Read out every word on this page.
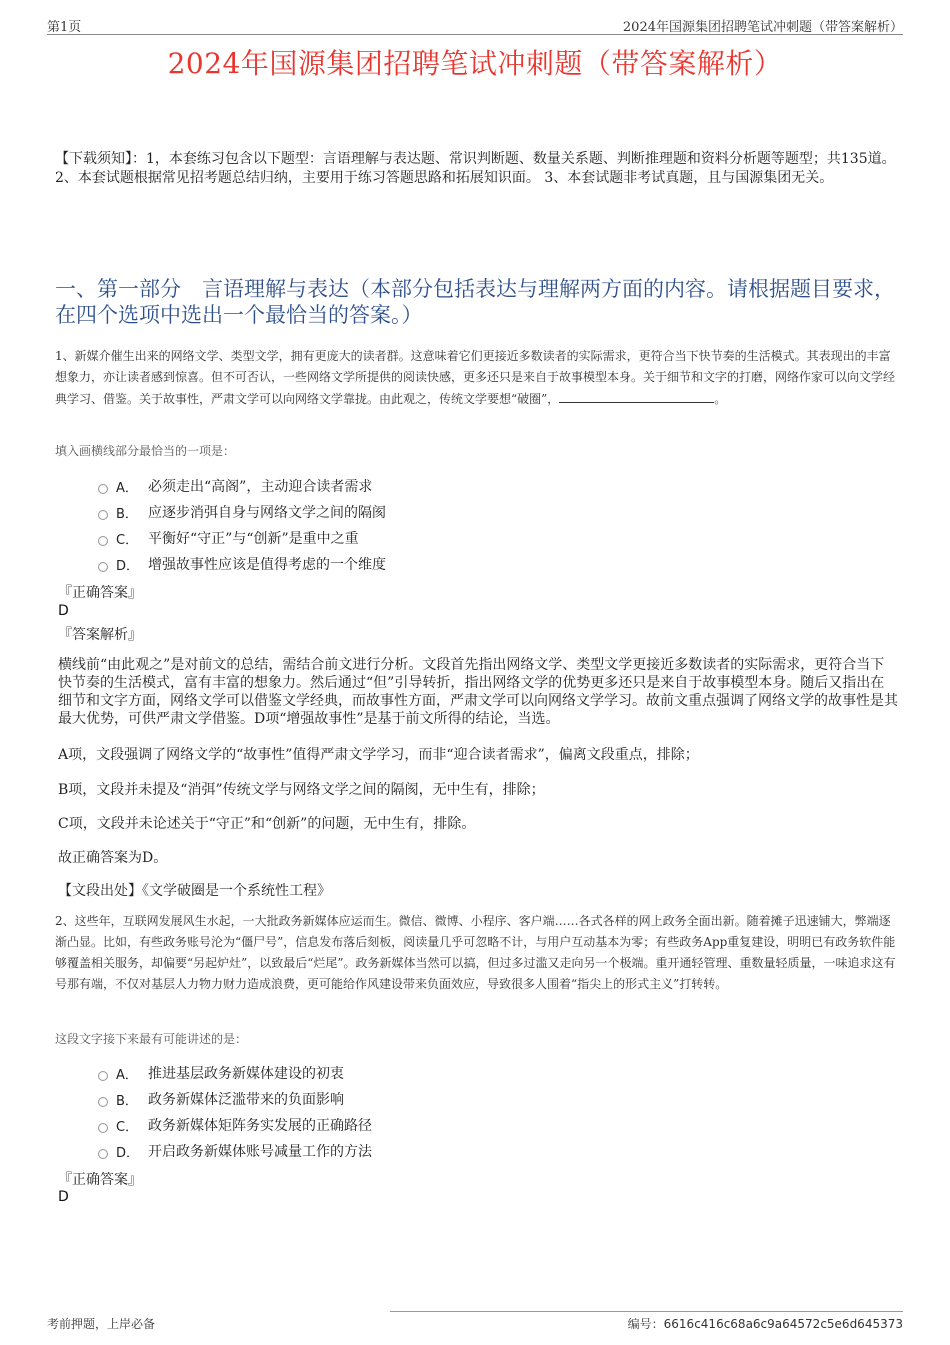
第1页	2024年国源集团招聘笔试冲刺题（带答案解析）
2024年国源集团招聘笔试冲刺题（带答案解析）
【下载须知】：1，本套练习包含以下题型：言语理解与表达题、常识判断题、数量关系题、判断推理题和资料分析题等题型；共135道。 2、本套试题根据常见招考题总结归纳，主要用于练习答题思路和拓展知识面。 3、本套试题非考试真题，且与国源集团无关。
一、第一部分　言语理解与表达（本部分包括表达与理解两方面的内容。请根据题目要求，在四个选项中选出一个最恰当的答案。）
1、新媒介催生出来的网络文学、类型文学，拥有更庞大的读者群。这意味着它们更接近多数读者的实际需求，更符合当下快节奏的生活模式。其表现出的丰富想象力，亦让读者感到惊喜。但不可否认，一些网络文学所提供的阅读快感，更多还只是来自于故事模型本身。关于细节和文字的打磨，网络作家可以向文学经典学习、借鉴。关于故事性，严肃文学可以向网络文学靠拢。由此观之，传统文学要想“破圈”，	。
填入画横线部分最恰当的一项是：
A． 必须走出“高阁”，主动迎合读者需求
B． 应逐步消弭自身与网络文学之间的隔阂
C． 平衡好“守正”与“创新”是重中之重
D． 增强故事性应该是值得考虑的一个维度
『正确答案』
D
『答案解析』
横线前“由此观之”是对前文的总结，需结合前文进行分析。文段首先指出网络文学、类型文学更接近多数读者的实际需求，更符合当下快节奏的生活模式，富有丰富的想象力。然后通过“但”引导转折，指出网络文学的优势更多还只是来自于故事模型本身。随后又指出在细节和文字方面，网络文学可以借鉴文学经典，而故事性方面，严肃文学可以向网络文学学习。故前文重点强调了网络文学的故事性是其最大优势，可供严肃文学借鉴。D项“增强故事性”是基于前文所得的结论，当选。
A项，文段强调了网络文学的“故事性”值得严肃文学学习，而非“迎合读者需求”，偏离文段重点，排除；
B项，文段并未提及“消弭”传统文学与网络文学之间的隔阂，无中生有，排除；
C项，文段并未论述关于“守正”和“创新”的问题，无中生有，排除。
故正确答案为D。
【文段出处】《文学破圈是一个系统性工程》
2、这些年，互联网发展风生水起，一大批政务新媒体应运而生。微信、微博、小程序、客户端……各式各样的网上政务全面出新。随着摊子迅速铺大，弊端逐渐凸显。比如，有些政务账号沦为“僵尸号”，信息发布落后刻板，阅读量几乎可忽略不计，与用户互动基本为零；有些政务App重复建设，明明已有政务软件能够覆盖相关服务，却偏要“另起炉灶”，以致最后“烂尾”。政务新媒体当然可以搞，但过多过滥又走向另一个极端。重开通轻管理、重数量轻质量，一味追求这有号那有端，不仅对基层人力物力财力造成浪费，更可能给作风建设带来负面效应，导致很多人围着“指尖上的形式主义”打转转。
这段文字接下来最有可能讲述的是：
A． 推进基层政务新媒体建设的初衷
B． 政务新媒体泛滥带来的负面影响
C． 政务新媒体矩阵务实发展的正确路径
D． 开启政务新媒体账号减量工作的方法
『正确答案』
D
考前押题，上岸必备	编号：6616c416c68a6c9a64572c5e6d645373
